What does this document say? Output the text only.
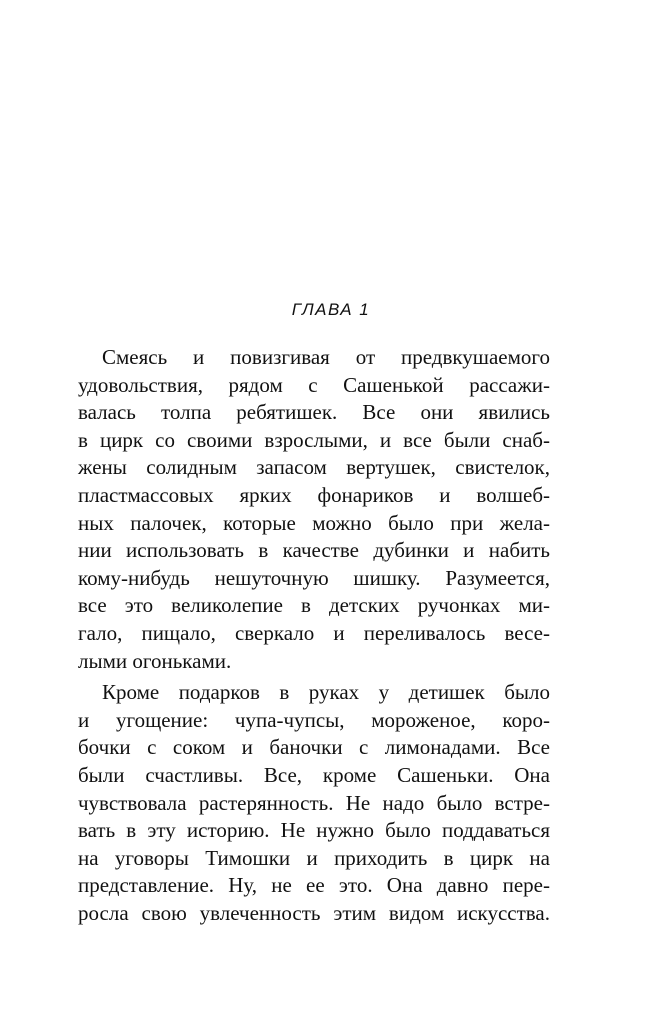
ГЛАВА 1
Смеясь и повизгивая от предвкушаемого
удовольствия, рядом с Сашенькой рассажи-
валась толпа ребятишек. Все они явились
в цирк со своими взрослыми, и все были снаб-
жены солидным запасом вертушек, свистелок,
пластмассовых ярких фонариков и волшеб-
ных палочек, которые можно было при жела-
нии использовать в качестве дубинки и набить
кому-нибудь нешуточную шишку. Разумеется,
все это великолепие в детских ручонках ми-
гало, пищало, сверкало и переливалось весе-
лыми огоньками.
Кроме подарков в руках у детишек было
и угощение: чупа-чупсы, мороженое, коро-
бочки с соком и баночки с лимонадами. Все
были счастливы. Все, кроме Сашеньки. Она
чувствовала растерянность. Не надо было встре-
вать в эту историю. Не нужно было поддаваться
на уговоры Тимошки и приходить в цирк на
представление. Ну, не ее это. Она давно пере-
росла свою увлеченность этим видом искусства.
